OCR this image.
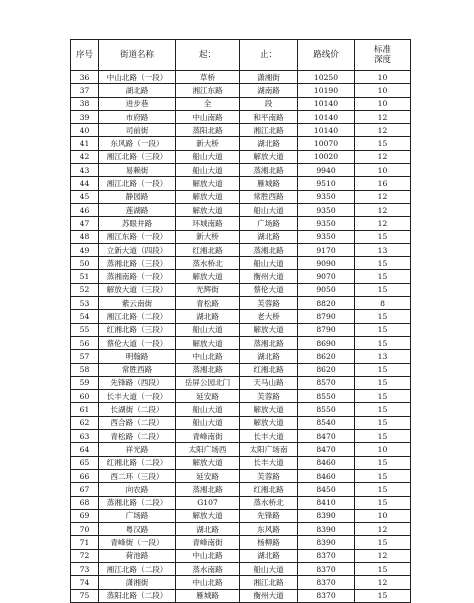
序号	街道名称	起：	止：	路线价	标准
深度
36	中山北路（一段）	草桥	潇湘街	10250	10
37	湖北路	湘江东路	湖南路	10190	10
38	迸步巷	全	段	10140	10
39	市府路	中山南路	和平南路	10140	12
40	司前街	蒸阳北路	湘江北路	10140	12
41	东风路（一段）	新大桥	湖北路	10070	15
42	湘江北路（三段）	船山大道	解放大道	10020	12
43	易赖街	船山大道	蒸湘北路	9940	10
44	湘江北路（一段）	解放大道	雁城路	9510	16
45	静园路	解放大道	常胜西路	9350	12
46	莲湖路	解放大道	船山大道	9350	12
47	苏眼井路	环城南路	广场路	9350	12
48	湘江东路（一段）	新大桥	湖北路	9350	15
49	立新大道（四段）	红湘北路	蒸湘北路	9170	13
50	蒸湘北路（三段）	蒸水桥北	船山大道	9090	15
51	蒸湘南路（一段）	解放大道	衡州大道	9070	15
52	解放大道（三段）	光辉街	蔡伦大道	9050	15
53	紫云南街	青松路	芙蓉路	8820	8
54	湘江北路（二段）	湖北路	老大桥	8790	15
55	红湘北路（三段）	船山大道	解放大道	8790	15
56	蔡伦大道（一段）	解放大道	蒸湘北路	8690	15
57	明翰路	中山北路	湖北路	8620	13
58	常胜西路	蒸湘北路	红湘北路	8620	15
59	先锋路（西段）	岳屏公园北门	天马山路	8570	15
60	长丰大道（一段）	延安路	芙蓉路	8550	15
61	长湖街（二段）	船山大道	解放大道	8550	15
62	西合路（二段）	船山大道	解放大道	8540	15
63	青松路（二段）	青峰南街	长丰大道	8470	15
64	祥光路	太阳广场西	太阳广场南	8470	10
65	红湘北路（二段）	解放大道	长丰大道	8460	15
66	西二环（三段）	延安路	芙蓉路	8460	15
67	向农路	蒸湘北路	红湘北路	8450	15
68	蒸湘北路（二段）	G107	蒸水桥北	8410	15
69	广场路	解放大道	先锋路	8390	10
70	粤汉路	湖北路	东风路	8390	12
71	青峰街（一段）	青峰南街	杨柳路	8390	15
72	荷池路	中山北路	湖北路	8370	12
73	湘江北路（二段）	蒸水南路	船山大道	8370	15
74	潇湘街	中山北路	湘江北路	8370	12
75	蒸阳北路（二段）	雁城路	衡州大道	8370	15
